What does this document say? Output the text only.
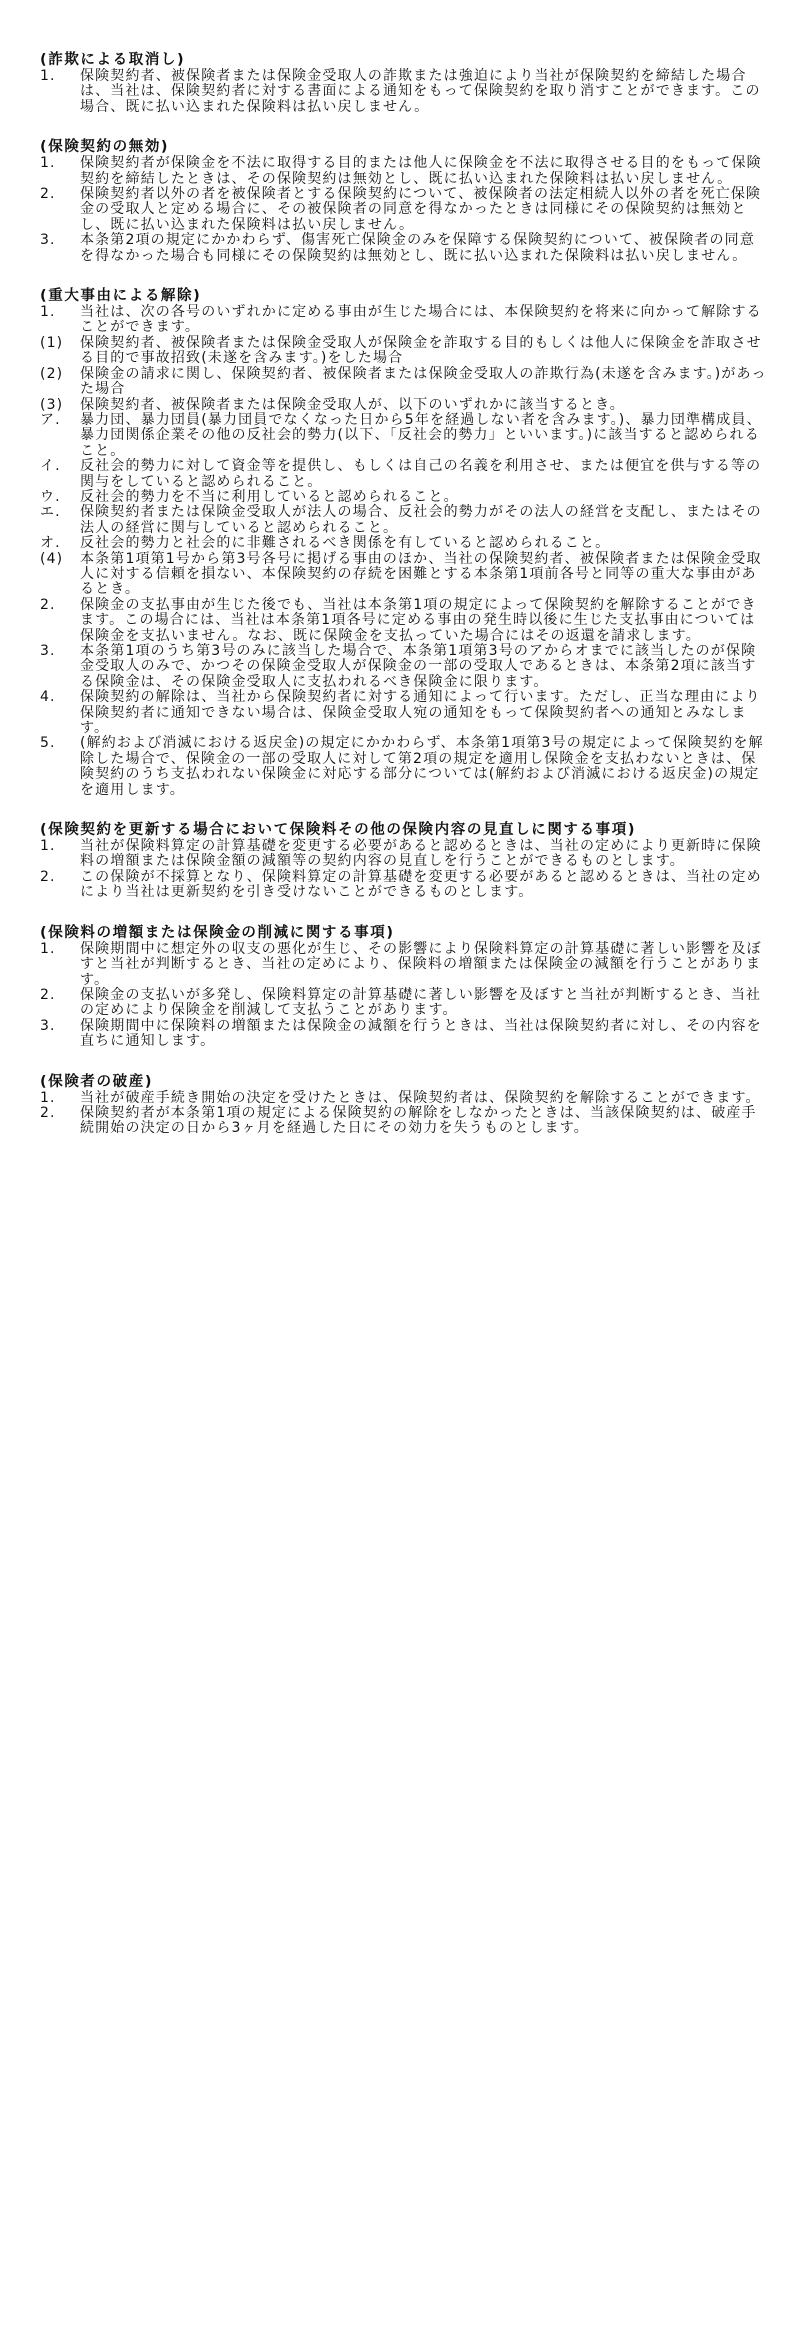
(詐欺による取消し)
1.	保険契約者、被保険者または保険金受取人の詐欺または強迫により当社が保険契約を締結した場合は、当社は、保険契約者に対する書面による通知をもって保険契約を取り消すことができます。この場合、既に払い込まれた保険料は払い戻しません。
(保険契約の無効)
1.	保険契約者が保険金を不法に取得する目的または他人に保険金を不法に取得させる目的をもって保険契約を締結したときは、その保険契約は無効とし、既に払い込まれた保険料は払い戻しません。
2.	保険契約者以外の者を被保険者とする保険契約について、被保険者の法定相続人以外の者を死亡保険金の受取人と定める場合に、その被保険者の同意を得なかったときは同様にその保険契約は無効とし、既に払い込まれた保険料は払い戻しません。
3.	本条第2項の規定にかかわらず、傷害死亡保険金のみを保障する保険契約について、被保険者の同意を得なかった場合も同様にその保険契約は無効とし、既に払い込まれた保険料は払い戻しません。
(重大事由による解除)
1.	当社は、次の各号のいずれかに定める事由が生じた場合には、本保険契約を将来に向かって解除することができます。
(1)	保険契約者、被保険者または保険金受取人が保険金を詐取する目的もしくは他人に保険金を詐取させる目的で事故招致(未遂を含みます。)をした場合
(2)	保険金の請求に関し、保険契約者、被保険者または保険金受取人の詐欺行為(未遂を含みます。)があった場合
(3)	保険契約者、被保険者または保険金受取人が、以下のいずれかに該当するとき。
ア.	暴力団、暴力団員(暴力団員でなくなった日から5年を経過しない者を含みます。)、暴力団準構成員、暴力団関係企業その他の反社会的勢力(以下、「反社会的勢力」といいます。)に該当すると認められること。
イ.	反社会的勢力に対して資金等を提供し、もしくは自己の名義を利用させ、または便宜を供与する等の関与をしていると認められること。
ウ.	反社会的勢力を不当に利用していると認められること。
エ.	保険契約者または保険金受取人が法人の場合、反社会的勢力がその法人の経営を支配し、またはその法人の経営に関与していると認められること。
オ.	反社会的勢力と社会的に非難されるべき関係を有していると認められること。
(4)	本条第1項第1号から第3号各号に掲げる事由のほか、当社の保険契約者、被保険者または保険金受取人に対する信頼を損ない、本保険契約の存続を困難とする本条第1項前各号と同等の重大な事由があるとき。
2.	保険金の支払事由が生じた後でも、当社は本条第1項の規定によって保険契約を解除することができます。この場合には、当社は本条第1項各号に定める事由の発生時以後に生じた支払事由については保険金を支払いません。なお、既に保険金を支払っていた場合にはその返還を請求します。
3.	本条第1項のうち第3号のみに該当した場合で、本条第1項第3号のアからオまでに該当したのが保険金受取人のみで、かつその保険金受取人が保険金の一部の受取人であるときは、本条第2項に該当する保険金は、その保険金受取人に支払われるべき保険金に限ります。
4.	保険契約の解除は、当社から保険契約者に対する通知によって行います。ただし、正当な理由により保険契約者に通知できない場合は、保険金受取人宛の通知をもって保険契約者への通知とみなします。
5.	(解約および消滅における返戻金)の規定にかかわらず、本条第1項第3号の規定によって保険契約を解除した場合で、保険金の一部の受取人に対して第2項の規定を適用し保険金を支払わないときは、保険契約のうち支払われない保険金に対応する部分については(解約および消滅における返戻金)の規定を適用します。
(保険契約を更新する場合において保険料その他の保険内容の見直しに関する事項)
1.	当社が保険料算定の計算基礎を変更する必要があると認めるときは、当社の定めにより更新時に保険料の増額または保険金額の減額等の契約内容の見直しを行うことができるものとします。
2.	この保険が不採算となり、保険料算定の計算基礎を変更する必要があると認めるときは、当社の定めにより当社は更新契約を引き受けないことができるものとします。
(保険料の増額または保険金の削減に関する事項)
1.	保険期間中に想定外の収支の悪化が生じ、その影響により保険料算定の計算基礎に著しい影響を及ぼすと当社が判断するとき、当社の定めにより、保険料の増額または保険金の減額を行うことがあります。
2.	保険金の支払いが多発し、保険料算定の計算基礎に著しい影響を及ぼすと当社が判断するとき、当社の定めにより保険金を削減して支払うことがあります。
3.	保険期間中に保険料の増額または保険金の減額を行うときは、当社は保険契約者に対し、その内容を直ちに通知します。
(保険者の破産)
1.	当社が破産手続き開始の決定を受けたときは、保険契約者は、保険契約を解除することができます。
2.	保険契約者が本条第1項の規定による保険契約の解除をしなかったときは、当該保険契約は、破産手続開始の決定の日から3ヶ月を経過した日にその効力を失うものとします。
